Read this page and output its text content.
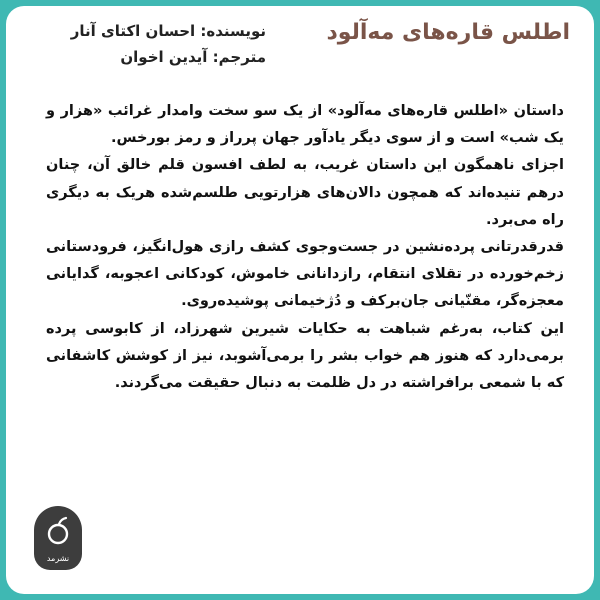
اطلس قاره‌های مه‌آلود
نویسنده: احسان اکتای آنار
مترجم: آیدین اخوان

داستان «اطلس قاره‌های مه‌آلود» از یک سو سخت وامدار غرائب «هزار و یک شب» است و از سوی دیگر یادآور جهان پرراز و رمز بورخس.

اجزای ناهمگون این داستان غریب، به لطف افسون قلم خالق آن، چنان درهم تنیده‌اند که همچون دالان‌های هزارتویی طلسم‌شده هریک به دیگری راه می‌برد.

قدرقدرتانی پرده‌نشین در جست‌وجوی کشف رازی هول‌انگیز، فرودستانی زخم‌خورده در تقلای انتقام، رازدانانی خاموش، کودکانی اعجوبه، گدایانی معجزه‌گر، مقنّیانی جان‌برکف و دُژخیمانی پوشیده‌روی.

این کتاب، به‌رغم شباهت به حکایات شیرین شهرزاد، از کابوسی پرده برمی‌دارد که هنوز هم خواب بشر را برمی‌آشوبد، نیز از کوشش کاشفانی که با شمعی برافراشته در دل ظلمت به دنبال حقیقت می‌گردند.

نشرمد
